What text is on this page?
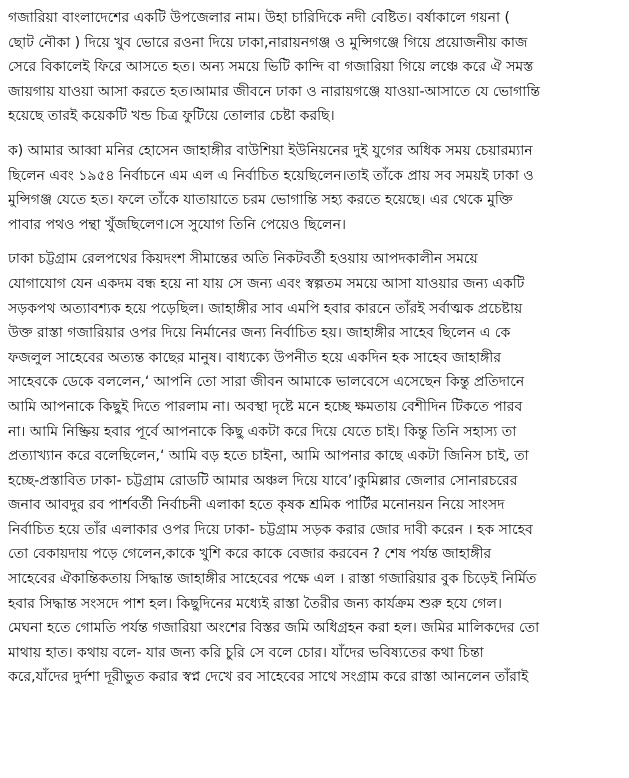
গজারিয়া বাংলাদেশের একটি উপজেলার নাম। উহা চারিদিকে নদী বেষ্টিত। বর্ষাকালে গয়না (
ছোট নৌকা ) দিয়ে খুব ভোরে রওনা দিয়ে ঢাকা,নারায়নগঞ্জ ও মুন্সিগঞ্জে গিয়ে প্রয়োজনীয় কাজ
সেরে বিকালেই ফিরে আসতে হত। অন্য সময়ে ভিটি কান্দি বা গজারিয়া গিয়ে লঞ্চে করে ঐ সমস্ত
জায়গায় যাওয়া আসা করতে হত।আমার জীবনে ঢাকা ও নারায়গঞ্জে যাওয়া-আসাতে যে ভোগান্তি
হয়েছে তারই কয়েকটি খন্ড চিত্র ফুটিয়ে তোলার চেষ্টা করছি।

ক) আমার আব্বা মনির হোসেন জাহাঙ্গীর বাউশিয়া ইউনিয়নের দুই যুগের অধিক সময় চেয়ারম্যান
ছিলেন এবং ১৯৫৪ নির্বাচনে এম এল এ নির্বাচিত হয়েছিলেন।তাই তাঁকে প্রায় সব সময়ই ঢাকা ও
মুন্সিগঞ্জ যেতে হত। ফলে তাঁকে যাতায়াতে চরম ভোগান্তি সহ্য করতে হয়েছে। এর থেকে মুক্তি
পাবার পথও পন্থা খুঁজছিলেণ।সে সুযোগ তিনি পেয়েও ছিলেন।

ঢাকা চট্টগ্রাম রেলপথের কিয়দংশ সীমান্তের অতি নিকটবর্তী হওয়ায় আপদকালীন সময়ে
যোগাযোগ যেন একদম বন্ধ হয়ে না যায় সে জন্য এবং স্বল্পতম সময়ে আসা যাওয়ার জন্য একটি
সড়কপথ অত্যাবশ্যক হয়ে পড়েছিল। জাহাঙ্গীর সাব এমপি হবার কারনে তাঁরই সর্বাত্মক প্রচেষ্টায়
উক্ত রাস্তা গজারিয়ার ওপর দিয়ে নির্মানের জন্য নির্বাচিত হয়। জাহাঙ্গীর সাহেব ছিলেন এ কে
ফজলুল সাহেবের অত্যন্ত কাছের মানুষ। বাধ্যক্যে উপনীত হয়ে একদিন হক সাহেব জাহাঙ্গীর
সাহেবকে ডেকে বললেন,‘ আপনি তো সারা জীবন আমাকে ভালবেসে এসেছেন কিন্তু প্রতিদানে
আমি আপনাকে কিছুই দিতে পারলাম না। অবস্থা দৃষ্টে মনে হচ্ছে ক্ষমতায় বেশীদিন টিকতে পারব
না। আমি নিষ্ক্রিয় হবার পূর্বে আপনাকে কিছু একটা করে দিয়ে যেতে চাই। কিন্তু তিনি সহাস্য তা
প্রত্যাখ্যান করে বলেছিলেন,‘ আমি বড় হতে চাইনা, আমি আপনার কাছে একটা জিনিস চাই, তা
হচ্ছে-প্রস্তাবিত ঢাকা- চট্টগ্রাম রোডটি আমার অঞ্চল দিয়ে যাবে’।কুমিল্লার জেলার সোনারচরের
জনাব আবদুর রব পার্শবর্তী নির্বাচনী এলাকা হতে কৃষক শ্রমিক পার্টির মনোনয়ন নিয়ে সাংসদ
নির্বাচিত হয়ে তাঁর এলাকার ওপর দিয়ে ঢাকা- চট্টগ্রাম সড়ক করার জোর দাবী করেন । হক সাহেব
তো বেকায়দায় পড়ে গেলেন,কাকে খুশি করে কাকে বেজার করবেন ? শেষ পর্যন্ত জাহাঙ্গীর
সাহেবের ঐকান্তিকতায় সিদ্ধান্ত জাহাঙ্গীর সাহেবের পক্ষে এল । রাস্তা গজারিয়ার বুক চিড়েই নির্মিত
হবার সিদ্ধান্ত সংসদে পাশ হল। কিছুদিনের মধ্যেই রাস্তা তৈরীর জন্য কার্যক্রম শুরু হযে গেল।
মেঘনা হতে গোমতি পর্যন্ত গজারিয়া অংশের বিস্তর জমি অধিগ্রহন করা হল। জমির মালিকদের তো
মাথায় হাত। কথায় বলে- যার জন্য করি চুরি সে বলে চোর। যাঁদের ভবিষ্যতের কথা চিন্তা
করে,যাঁদের দুর্দশা দূরীভুত করার স্বপ্ন দেখে রব সাহেবের সাথে সংগ্রাম করে রাস্তা আনলেন তাঁরাই
